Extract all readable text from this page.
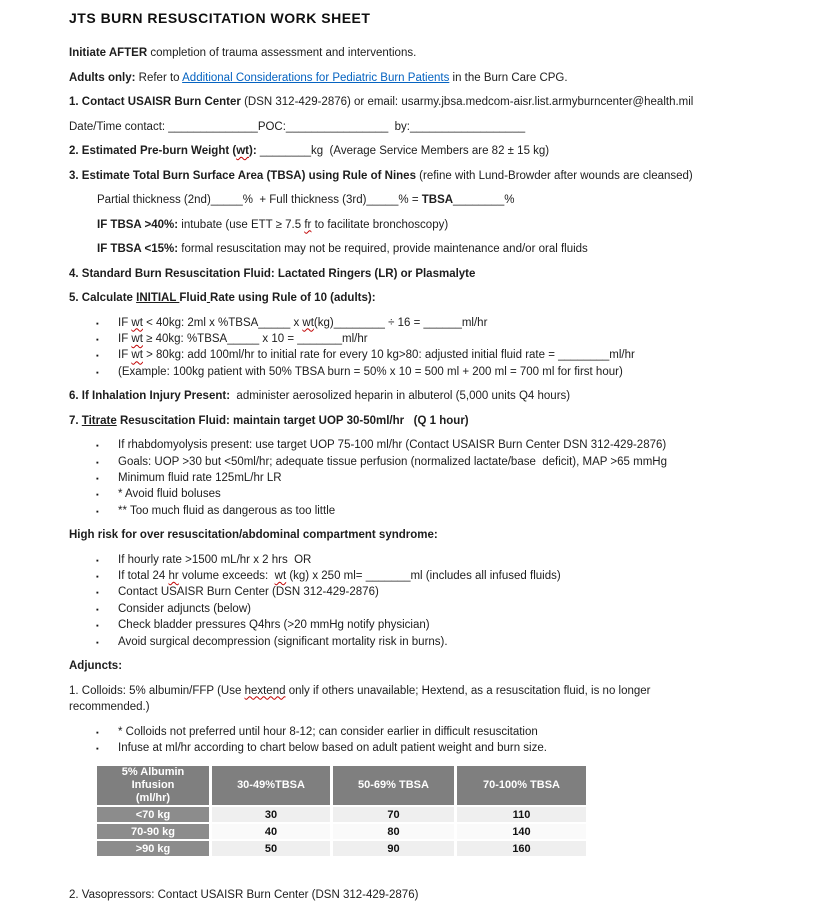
JTS BURN RESUSCITATION WORK SHEET

Initiate AFTER completion of trauma assessment and interventions.

Adults only: Refer to Additional Considerations for Pediatric Burn Patients in the Burn Care CPG.

1. Contact USAISR Burn Center (DSN 312-429-2876) or email: usarmy.jbsa.medcom-aisr.list.armyburncenter@health.mil

Date/Time contact: ______________POC:________________  by:__________________

2. Estimated Pre-burn Weight (wt): ________kg  (Average Service Members are 82 ± 15 kg)

3. Estimate Total Burn Surface Area (TBSA) using Rule of Nines (refine with Lund-Browder after wounds are cleansed)

Partial thickness (2nd)_____%  + Full thickness (3rd)_____% = TBSA________%

IF TBSA >40%: intubate (use ETT ≥ 7.5 fr to facilitate bronchoscopy)

IF TBSA <15%: formal resuscitation may not be required, provide maintenance and/or oral fluids

4. Standard Burn Resuscitation Fluid: Lactated Ringers (LR) or Plasmalyte

5. Calculate INITIAL Fluid Rate using Rule of 10 (adults):

▪ IF wt < 40kg: 2ml x %TBSA_____ x wt(kg)________ ÷ 16 = ______ml/hr
▪ IF wt ≥ 40kg: %TBSA_____ x 10 = _______ml/hr
▪ IF wt > 80kg: add 100ml/hr to initial rate for every 10 kg>80: adjusted initial fluid rate = ________ml/hr
▪ (Example: 100kg patient with 50% TBSA burn = 50% x 10 = 500 ml + 200 ml = 700 ml for first hour)

6. If Inhalation Injury Present:  administer aerosolized heparin in albuterol (5,000 units Q4 hours)

7. Titrate Resuscitation Fluid: maintain target UOP 30-50ml/hr   (Q 1 hour)

▪ If rhabdomyolysis present: use target UOP 75-100 ml/hr (Contact USAISR Burn Center DSN 312-429-2876)
▪ Goals: UOP >30 but <50ml/hr; adequate tissue perfusion (normalized lactate/base  deficit), MAP >65 mmHg
▪ Minimum fluid rate 125mL/hr LR
▪ * Avoid fluid boluses
▪ ** Too much fluid as dangerous as too little

High risk for over resuscitation/abdominal compartment syndrome:

▪ If hourly rate >1500 mL/hr x 2 hrs  OR
▪ If total 24 hr volume exceeds:  wt (kg) x 250 ml= _______ml (includes all infused fluids)
▪ Contact USAISR Burn Center (DSN 312-429-2876)
▪ Consider adjuncts (below)
▪ Check bladder pressures Q4hrs (>20 mmHg notify physician)
▪ Avoid surgical decompression (significant mortality risk in burns).

Adjuncts:

1. Colloids: 5% albumin/FFP (Use hextend only if others unavailable; Hextend, as a resuscitation fluid, is no longer
recommended.)

▪ * Colloids not preferred until hour 8-12; can consider earlier in difficult resuscitation
▪ Infuse at ml/hr according to chart below based on adult patient weight and burn size.
5% Albumin Infusion
(ml/hr)	30-49%TBSA	50-69% TBSA	70-100% TBSA
<70 kg	30	70	110
70-90 kg	40	80	140
>90 kg	50	90	160

2. Vasopressors: Contact USAISR Burn Center (DSN 312-429-2876)
